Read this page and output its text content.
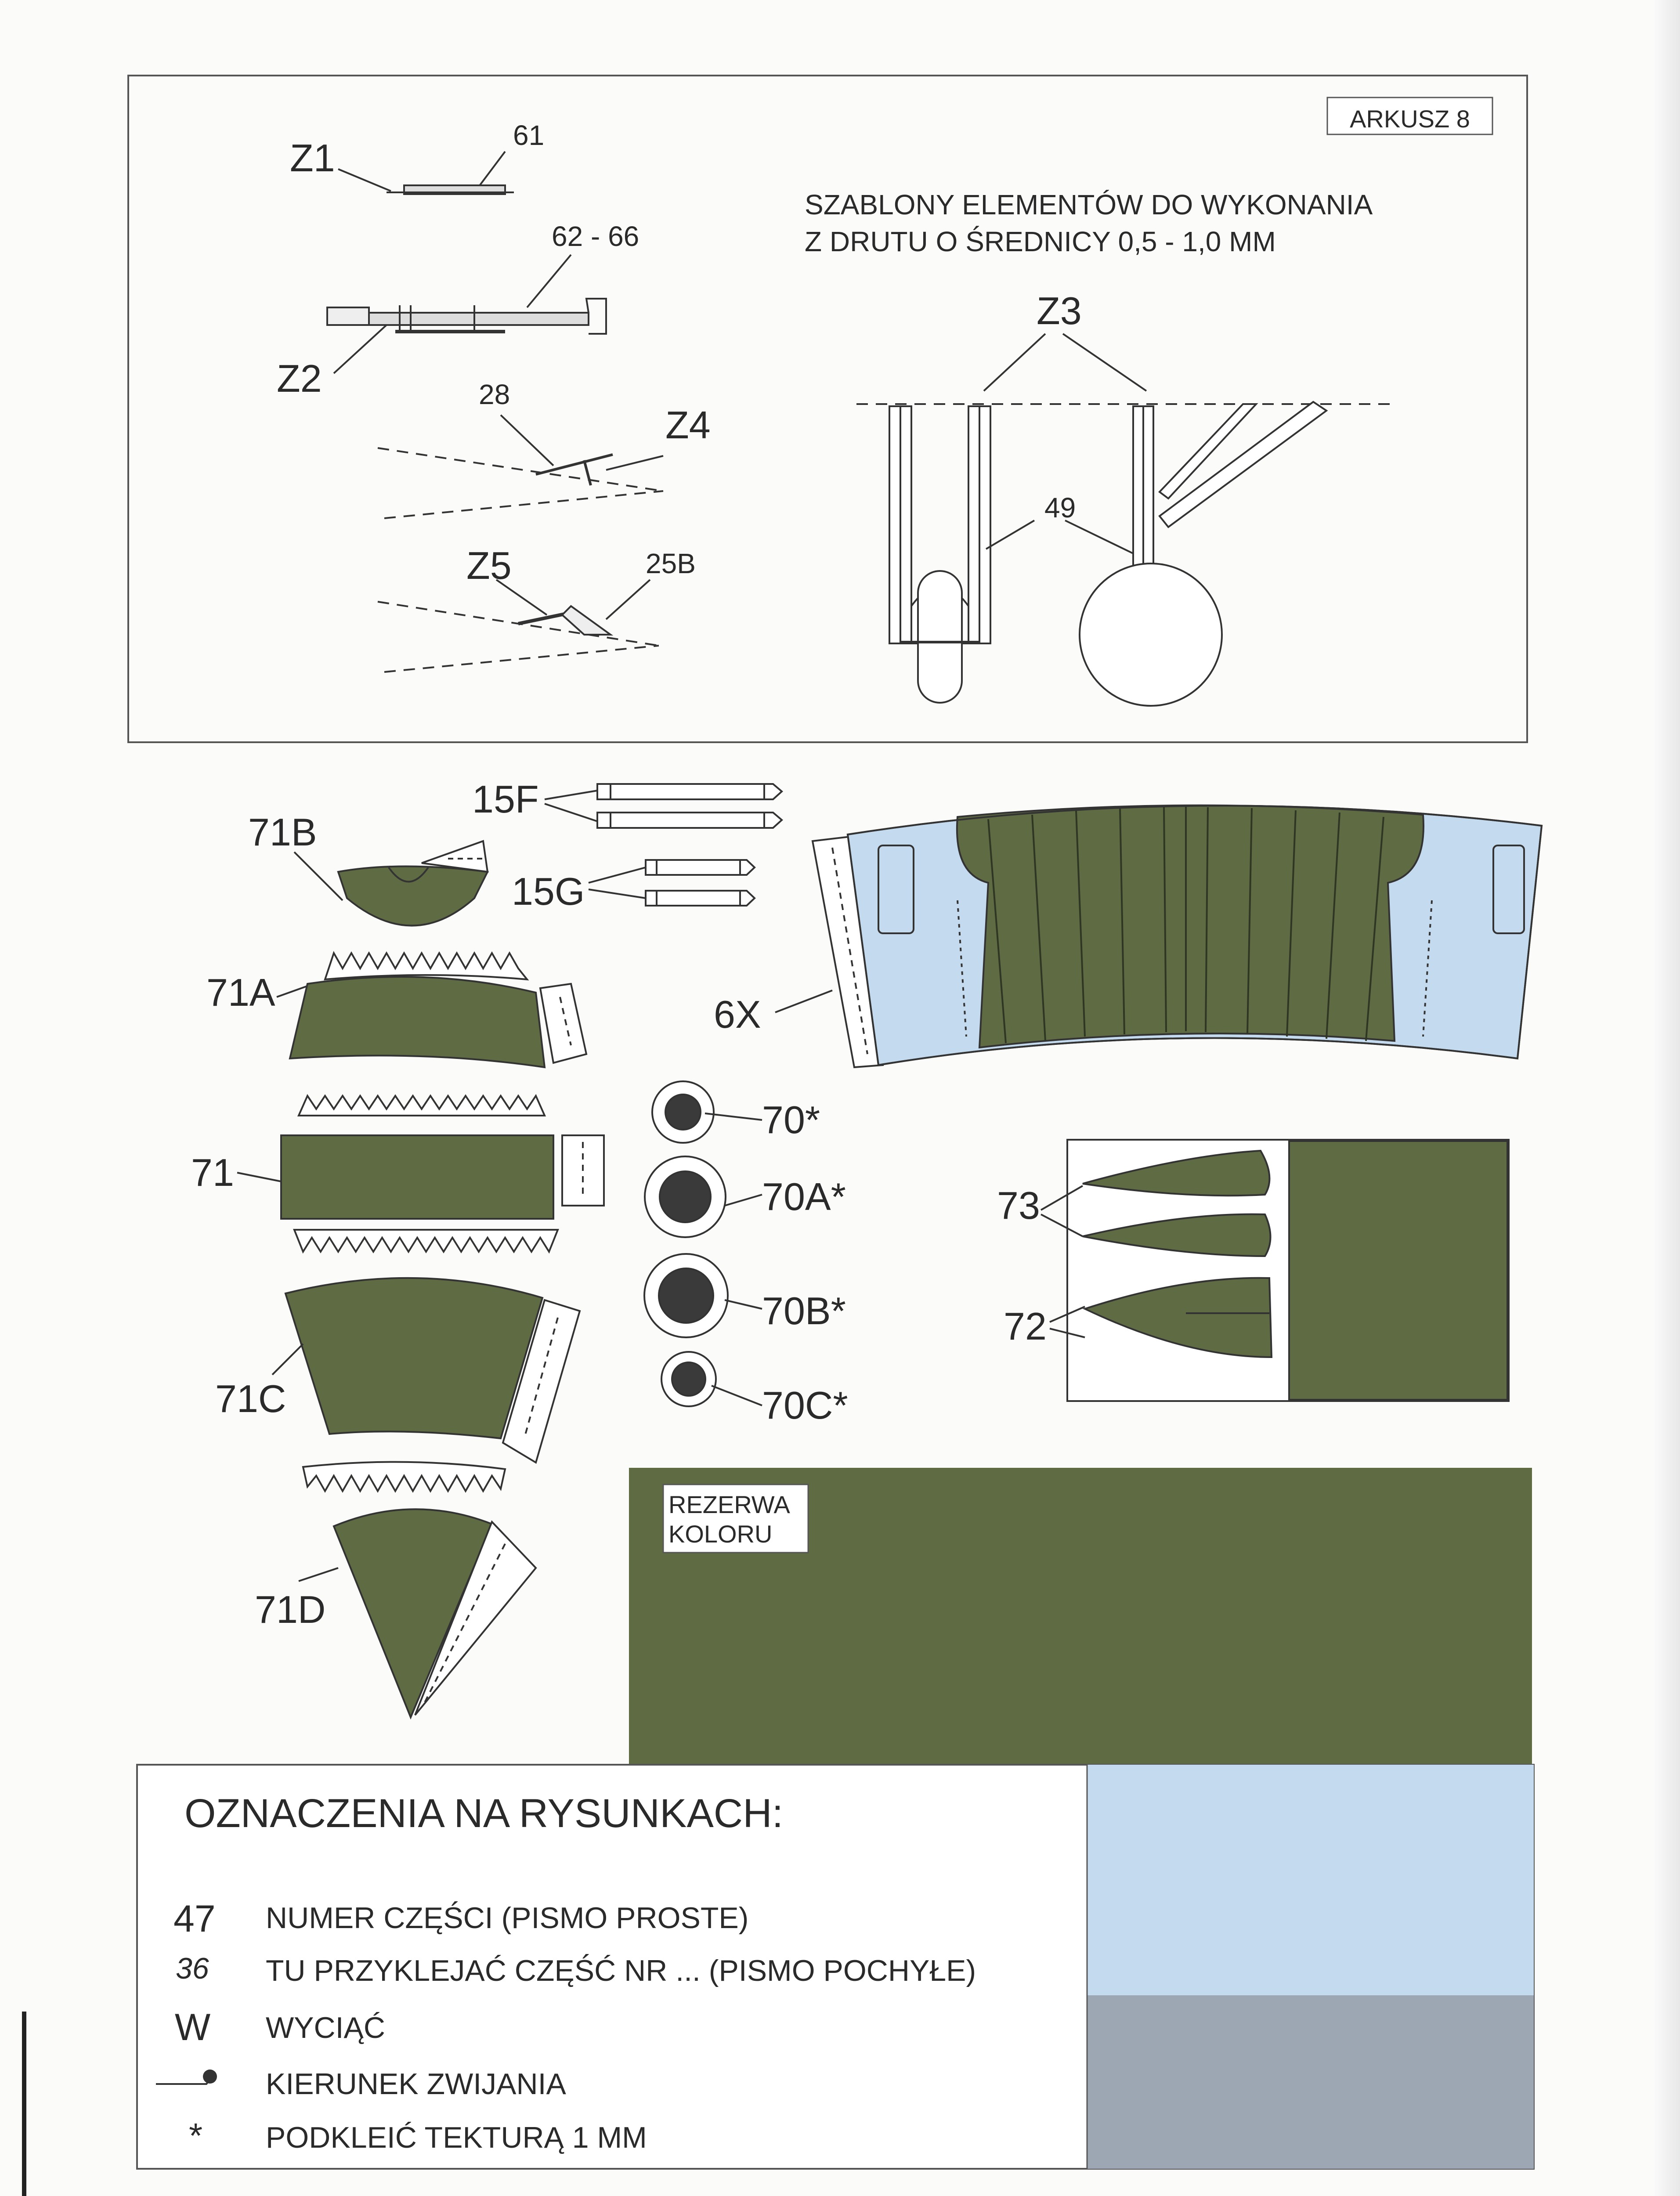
ARKUSZ 8
SZABLONY ELEMENTÓW DO WYKONANIA
Z DRUTU O ŚREDNICY 0,5 - 1,0 MM
Z1
61
62 - 66
Z2	28
Z4
Z5	25B
Z3
49
15F
15G
71B
71A
71
71C
71D
6X
70*
70A*
70B*
70C*
73
72
REZERWA
KOLORU
OZNACZENIA NA RYSUNKACH:
47 NUMER CZĘŚCI (PISMO PROSTE)
36 TU PRZYKLEJAĆ CZĘŚĆ NR ... (PISMO POCHYŁE)
W WYCIĄĆ
KIERUNEK ZWIJANIA
* PODKLEIĆ TEKTURĄ 1 MM
